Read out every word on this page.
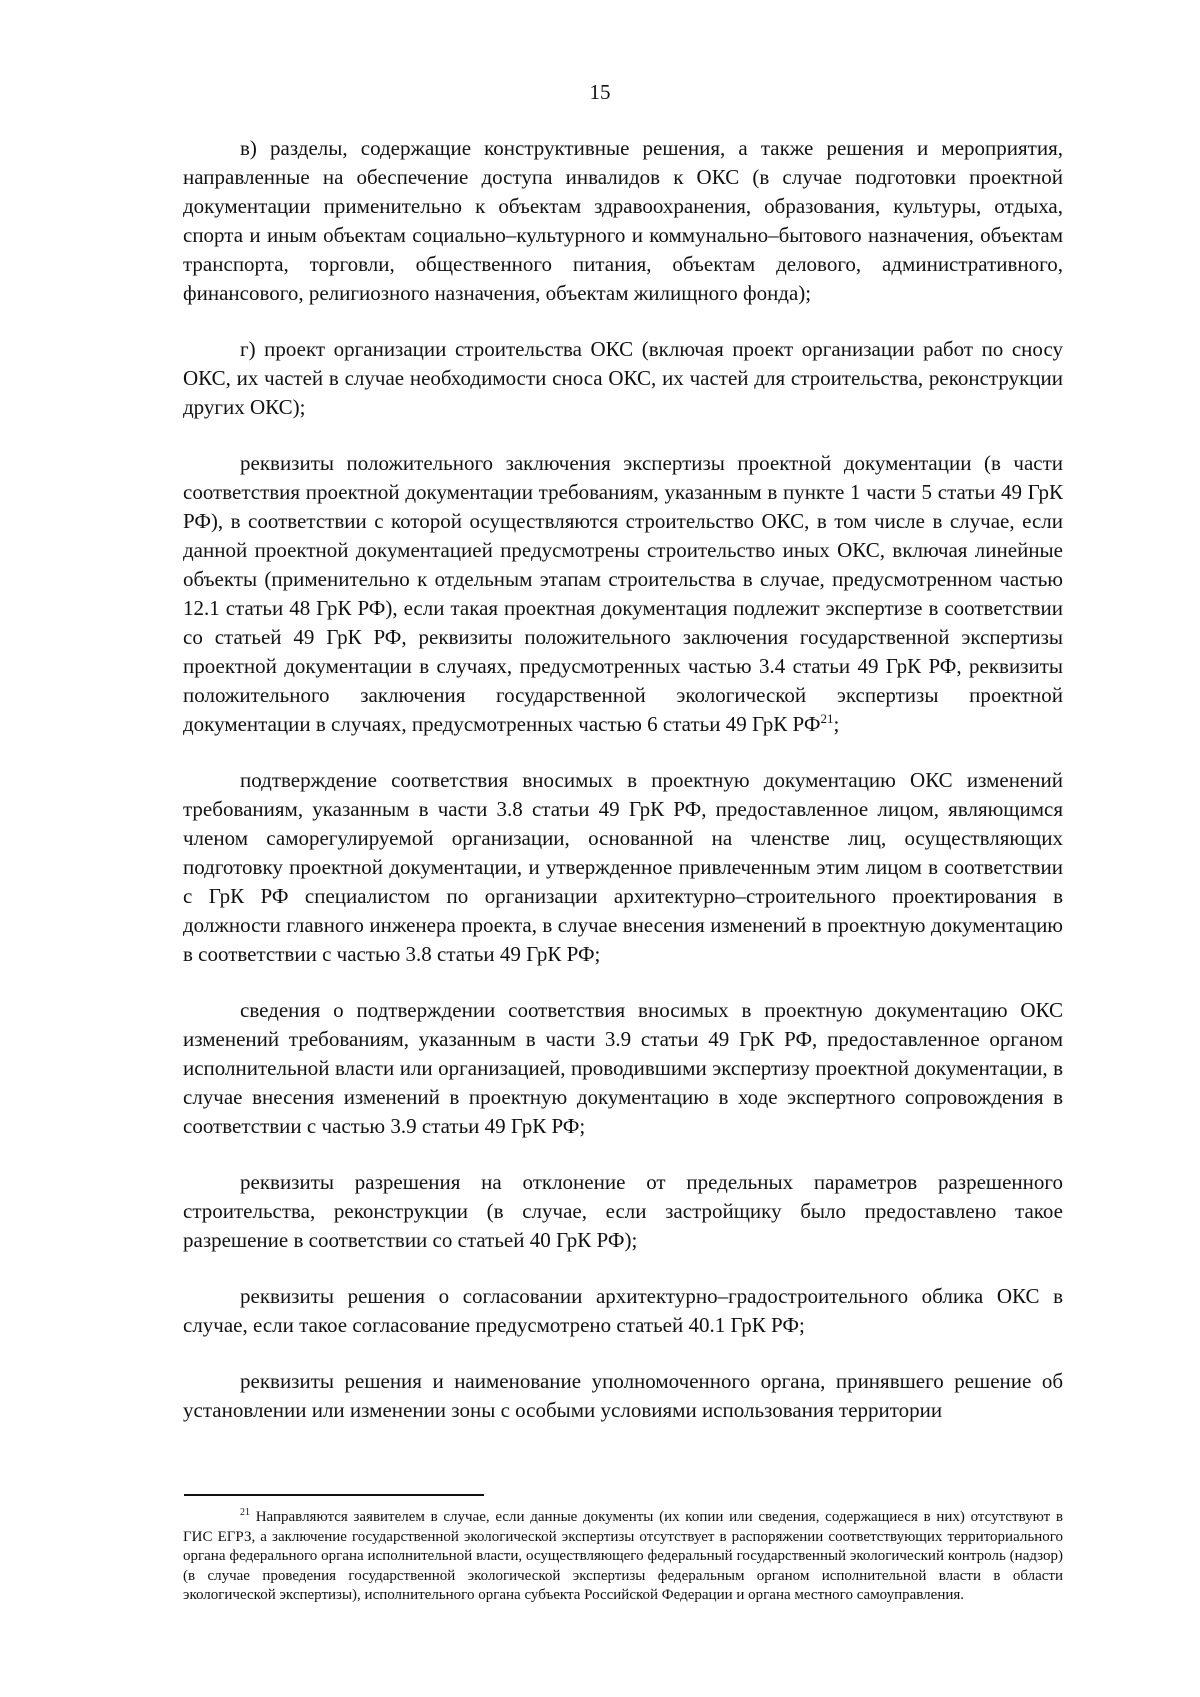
15

в) разделы, содержащие конструктивные решения, а также решения и мероприятия, направленные на обеспечение доступа инвалидов к ОКС (в случае подготовки проектной документации применительно к объектам здравоохранения, образования, культуры, отдыха, спорта и иным объектам социально–культурного и коммунально–бытового назначения, объектам транспорта, торговли, общественного питания, объектам делового, административного, финансового, религиозного назначения, объектам жилищного фонда);

г) проект организации строительства ОКС (включая проект организации работ по сносу ОКС, их частей в случае необходимости сноса ОКС, их частей для строительства, реконструкции других ОКС);

реквизиты положительного заключения экспертизы проектной документации (в части соответствия проектной документации требованиям, указанным в пункте 1 части 5 статьи 49 ГрК РФ), в соответствии с которой осуществляются строительство ОКС, в том числе в случае, если данной проектной документацией предусмотрены строительство иных ОКС, включая линейные объекты (применительно к отдельным этапам строительства в случае, предусмотренном частью 12.1 статьи 48 ГрК РФ), если такая проектная документация подлежит экспертизе в соответствии со статьей 49 ГрК РФ, реквизиты положительного заключения государственной экспертизы проектной документации в случаях, предусмотренных частью 3.4 статьи 49 ГрК РФ, реквизиты положительного заключения государственной экологической экспертизы проектной документации в случаях, предусмотренных частью 6 статьи 49 ГрК РФ$^{21}$;

подтверждение соответствия вносимых в проектную документацию ОКС изменений требованиям, указанным в части 3.8 статьи 49 ГрК РФ, предоставленное лицом, являющимся членом саморегулируемой организации, основанной на членстве лиц, осуществляющих подготовку проектной документации, и утвержденное привлеченным этим лицом в соответствии с ГрК РФ специалистом по организации архитектурно–строительного проектирования в должности главного инженера проекта, в случае внесения изменений в проектную документацию в соответствии с частью 3.8 статьи 49 ГрК РФ;

сведения о подтверждении соответствия вносимых в проектную документацию ОКС изменений требованиям, указанным в части 3.9 статьи 49 ГрК РФ, предоставленное органом исполнительной власти или организацией, проводившими экспертизу проектной документации, в случае внесения изменений в проектную документацию в ходе экспертного сопровождения в соответствии с частью 3.9 статьи 49 ГрК РФ;

реквизиты разрешения на отклонение от предельных параметров разрешенного строительства, реконструкции (в случае, если застройщику было предоставлено такое разрешение в соответствии со статьей 40 ГрК РФ);

реквизиты решения о согласовании архитектурно–градостроительного облика ОКС в случае, если такое согласование предусмотрено статьей 40.1 ГрК РФ;

реквизиты решения и наименование уполномоченного органа, принявшего решение об установлении или изменении зоны с особыми условиями использования территории

$^{21}$ Направляются заявителем в случае, если данные документы (их копии или сведения, содержащиеся в них) отсутствуют в ГИС ЕГРЗ, а заключение государственной экологической экспертизы отсутствует в распоряжении соответствующих территориального органа федерального органа исполнительной власти, осуществляющего федеральный государственный экологический контроль (надзор) (в случае проведения государственной экологической экспертизы федеральным органом исполнительной власти в области экологической экспертизы), исполнительного органа субъекта Российской Федерации и органа местного самоуправления.
